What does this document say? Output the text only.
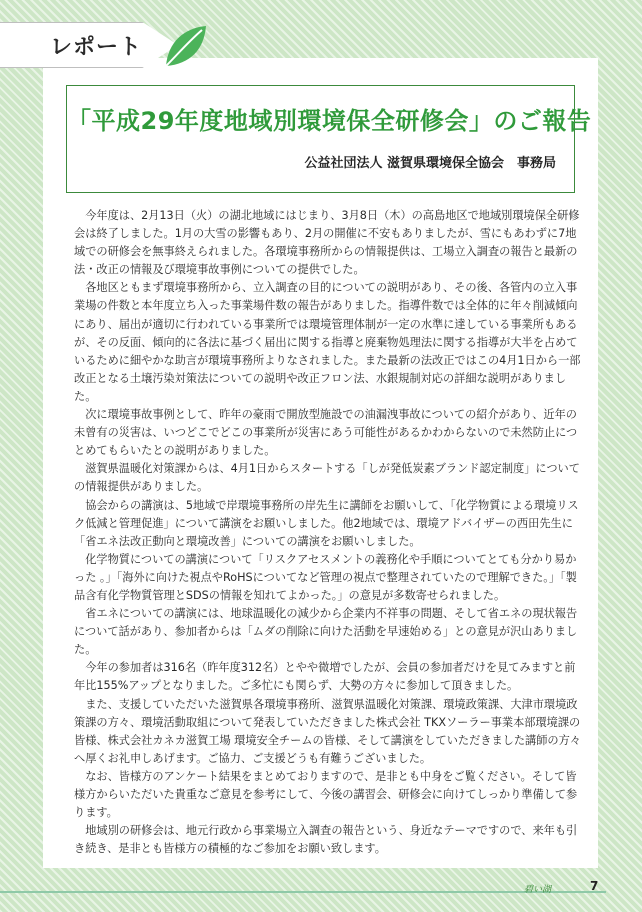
レポート
「平成29年度地域別環境保全研修会」のご報告
公益社団法人 滋賀県環境保全協会　事務局

今年度は、2月13日（火）の湖北地域にはじまり、3月8日（木）の高島地区で地域別環境保全研修会は終了しました。1月の大雪の影響もあり、2月の開催に不安もありましたが、雪にもあわずに7地域での研修会を無事終えられました。各環境事務所からの情報提供は、工場立入調査の報告と最新の法・改正の情報及び環境事故事例についての提供でした。

各地区ともまず環境事務所から、立入調査の目的についての説明があり、その後、各管内の立入事業場の件数と本年度立ち入った事業場件数の報告がありました。指導件数では全体的に年々削減傾向にあり、届出が適切に行われている事業所では環境管理体制が一定の水準に達している事業所もあるが、その反面、傾向的に各法に基づく届出に関する指導と廃棄物処理法に関する指導が大半を占めているために細やかな助言が環境事務所よりなされました。また最新の法改正ではこの4月1日から一部改正となる土壌汚染対策法についての説明や改正フロン法、水銀規制対応の詳細な説明がありました。

次に環境事故事例として、昨年の豪雨で開放型施設での油漏洩事故についての紹介があり、近年の未曾有の災害は、いつどこでどこの事業所が災害にあう可能性があるかわからないので未然防止につとめてもらいたとの説明がありました。

滋賀県温暖化対策課からは、4月1日からスタートする「しが発低炭素ブランド認定制度」についての情報提供がありました。

協会からの講演は、5地域で岸環境事務所の岸先生に講師をお願いして、「化学物質による環境リスク低減と管理促進」について講演をお願いしました。他2地域では、環境アドバイザーの西田先生に「省エネ法改正動向と環境改善」についての講演をお願いしました。

化学物質についての講演について「リスクアセスメントの義務化や手順についてとても分かり易かった 。」「海外に向けた視点やRoHSについてなど管理の視点で整理されていたので理解できた。」「製品含有化学物質管理とSDSの情報を知れてよかった。」の意見が多数寄せられました。

省エネについての講演には、地球温暖化の減少から企業内不祥事の問題、そして省エネの現状報告について話があり、参加者からは「ムダの削除に向けた活動を早速始める」との意見が沢山ありました。

今年の参加者は316名（昨年度312名）とやや微増でしたが、会員の参加者だけを見てみますと前年比155%アップとなりました。ご多忙にも関らず、大勢の方々に参加して頂きました。

また、支援していただいた滋賀県各環境事務所、滋賀県温暖化対策課、環境政策課、大津市環境政策課の方々、環境活動取組について発表していただきました株式会社 TKXソーラー事業本部環境課の皆様、株式会社カネカ滋賀工場 環境安全チームの皆様、そして講演をしていただきました講師の方々へ厚くお礼申しあげます。ご協力、ご支援どうも有難うございました。

なお、皆様方のアンケート結果をまとめておりますので、是非とも中身をご覧ください。そして皆様方からいただいた貴重なご意見を参考にして、今後の講習会、研修会に向けてしっかり準備して参ります。

地域別の研修会は、地元行政から事業場立入調査の報告という、身近なテーマですので、来年も引き続き、是非とも皆様方の積極的なご参加をお願い致します。

碧い湖	7
